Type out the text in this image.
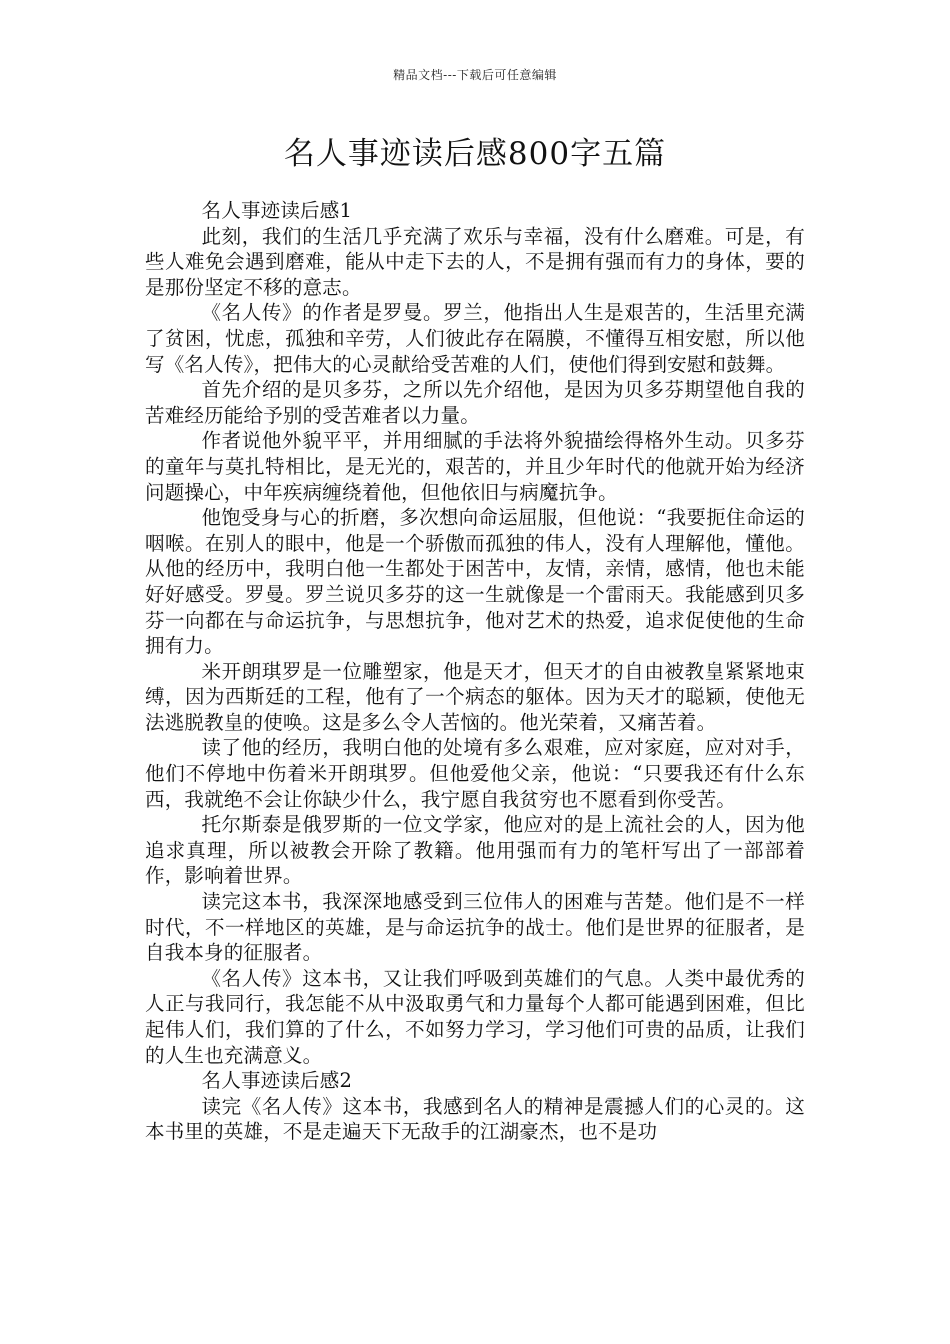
精品文档---下载后可任意编辑
名人事迹读后感800字五篇

名人事迹读后感1

此刻，我们的生活几乎充满了欢乐与幸福，没有什么磨难。可是，有些人难免会遇到磨难，能从中走下去的人，不是拥有强而有力的身体，要的是那份坚定不移的意志。

《名人传》的作者是罗曼。罗兰，他指出人生是艰苦的，生活里充满了贫困，忧虑，孤独和辛劳，人们彼此存在隔膜，不懂得互相安慰，所以他写《名人传》，把伟大的心灵献给受苦难的人们，使他们得到安慰和鼓舞。

首先介绍的是贝多芬，之所以先介绍他，是因为贝多芬期望他自我的苦难经历能给予别的受苦难者以力量。

作者说他外貌平平，并用细腻的手法将外貌描绘得格外生动。贝多芬的童年与莫扎特相比，是无光的，艰苦的，并且少年时代的他就开始为经济问题操心，中年疾病缠绕着他，但他依旧与病魔抗争。

他饱受身与心的折磨，多次想向命运屈服，但他说：“我要扼住命运的咽喉。在别人的眼中，他是一个骄傲而孤独的伟人，没有人理解他，懂他。从他的经历中，我明白他一生都处于困苦中，友情，亲情，感情，他也未能好好感受。罗曼。罗兰说贝多芬的这一生就像是一个雷雨天。我能感到贝多芬一向都在与命运抗争，与思想抗争，他对艺术的热爱，追求促使他的生命拥有力。

米开朗琪罗是一位雕塑家，他是天才，但天才的自由被教皇紧紧地束缚，因为西斯廷的工程，他有了一个病态的躯体。因为天才的聪颖，使他无法逃脱教皇的使唤。这是多么令人苦恼的。他光荣着，又痛苦着。

读了他的经历，我明白他的处境有多么艰难，应对家庭，应对对手，他们不停地中伤着米开朗琪罗。但他爱他父亲，他说：“只要我还有什么东西，我就绝不会让你缺少什么，我宁愿自我贫穷也不愿看到你受苦。

托尔斯泰是俄罗斯的一位文学家，他应对的是上流社会的人，因为他追求真理，所以被教会开除了教籍。他用强而有力的笔杆写出了一部部着作，影响着世界。

读完这本书，我深深地感受到三位伟人的困难与苦楚。他们是不一样时代，不一样地区的英雄，是与命运抗争的战士。他们是世界的征服者，是自我本身的征服者。

《名人传》这本书，又让我们呼吸到英雄们的气息。人类中最优秀的人正与我同行，我怎能不从中汲取勇气和力量每个人都可能遇到困难，但比起伟人们，我们算的了什么，不如努力学习，学习他们可贵的品质，让我们的人生也充满意义。

名人事迹读后感2

读完《名人传》这本书，我感到名人的精神是震撼人们的心灵的。这本书里的英雄，不是走遍天下无敌手的江湖豪杰，也不是功
